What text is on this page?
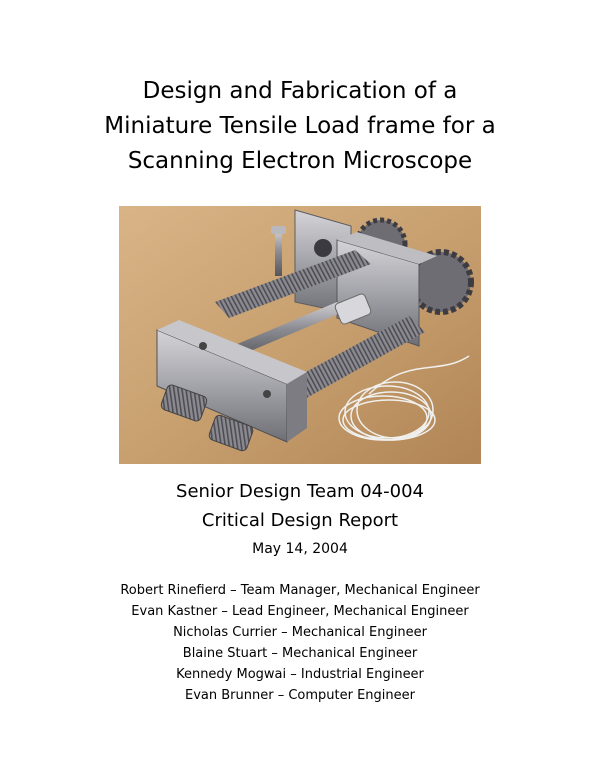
Design and Fabrication of a
Miniature Tensile Load frame for a
Scanning Electron Microscope
Senior Design Team 04-004
Critical Design Report
May 14, 2004
Robert Rinefierd – Team Manager, Mechanical Engineer
Evan Kastner – Lead Engineer, Mechanical Engineer
Nicholas Currier – Mechanical Engineer
Blaine Stuart – Mechanical Engineer
Kennedy Mogwai – Industrial Engineer
Evan Brunner – Computer Engineer
